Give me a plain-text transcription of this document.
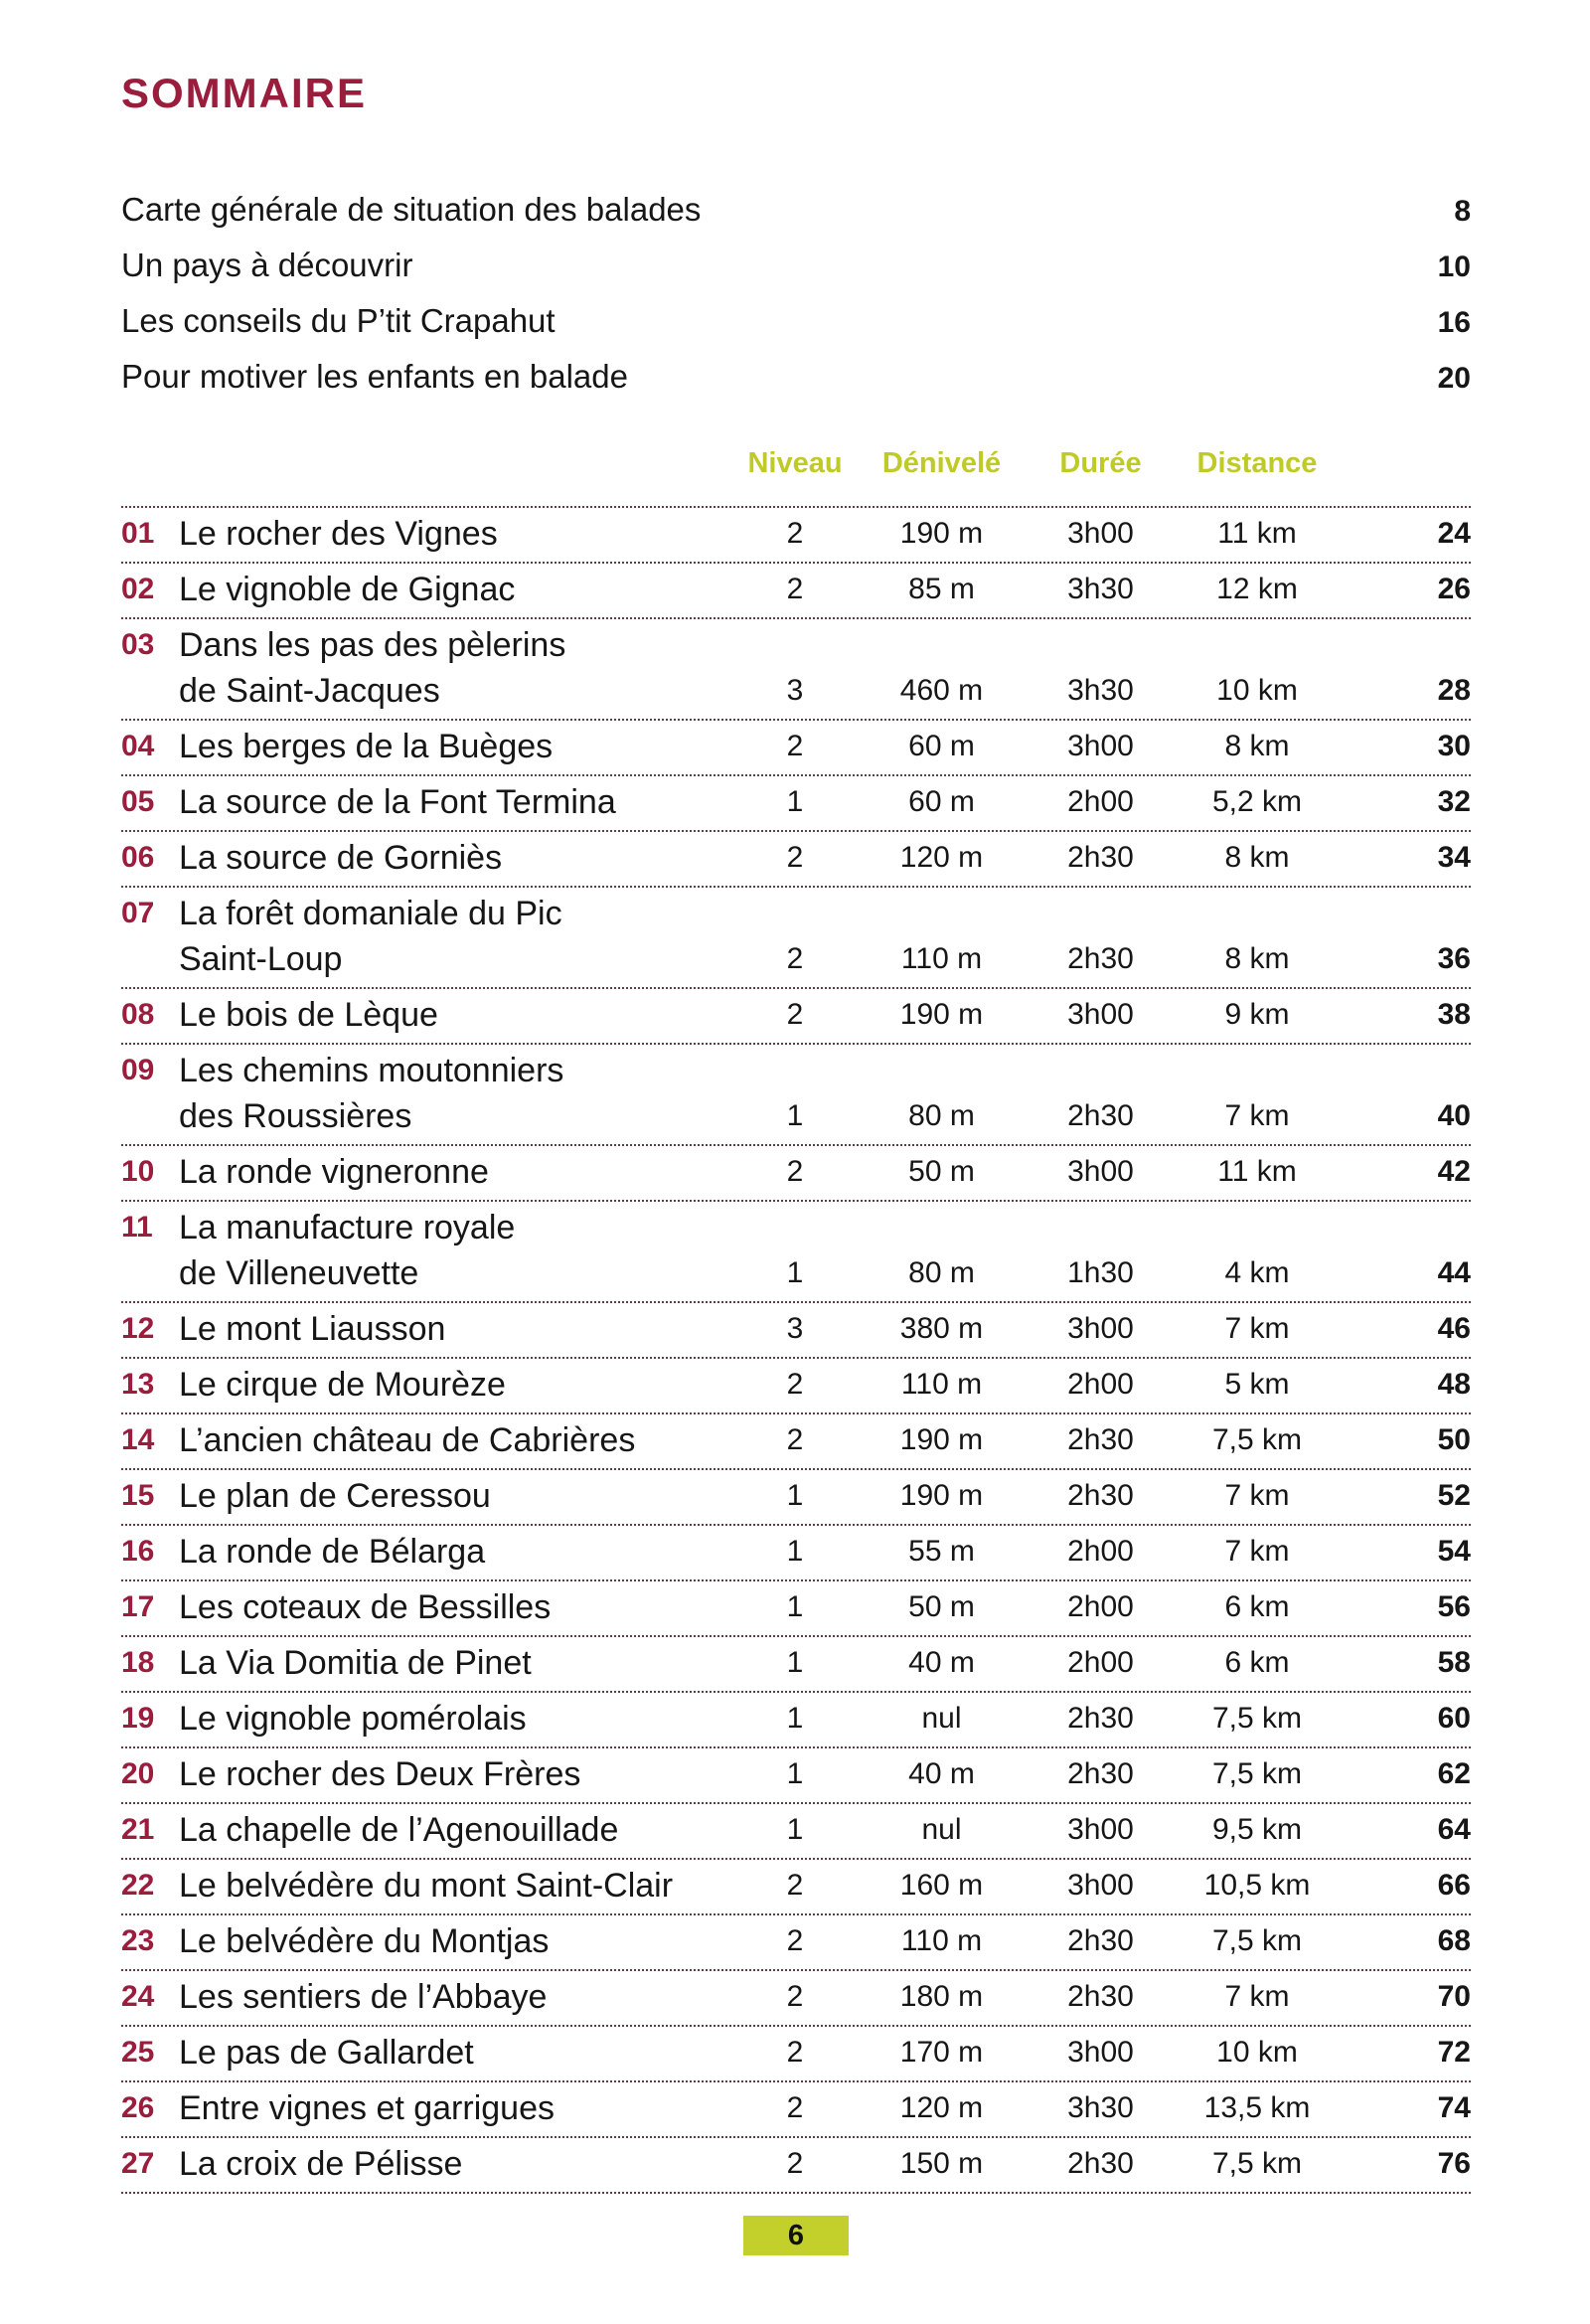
SOMMAIRE
Carte générale de situation des balades	8
Un pays à découvrir	10
Les conseils du P’tit Crapahut	16
Pour motiver les enfants en balade	20
Niveau	Dénivelé	Durée	Distance
01 Le rocher des Vignes	2	190 m	3h00	11 km	24
02 Le vignoble de Gignac	2	85 m	3h30	12 km	26
03 Dans les pas des pèlerins
de Saint-Jacques	3	460 m	3h30	10 km	28
04 Les berges de la Buèges	2	60 m	3h00	8 km	30
05 La source de la Font Termina	1	60 m	2h00	5,2 km	32
06 La source de Gorniès	2	120 m	2h30	8 km	34
07 La forêt domaniale du Pic
Saint-Loup	2	110 m	2h30	8 km	36
08 Le bois de Lèque	2	190 m	3h00	9 km	38
09 Les chemins moutonniers
des Roussières	1	80 m	2h30	7 km	40
10 La ronde vigneronne	2	50 m	3h00	11 km	42
11 La manufacture royale
de Villeneuvette	1	80 m	1h30	4 km	44
12 Le mont Liausson	3	380 m	3h00	7 km	46
13 Le cirque de Mourèze	2	110 m	2h00	5 km	48
14 L’ancien château de Cabrières	2	190 m	2h30	7,5 km	50
15 Le plan de Ceressou	1	190 m	2h30	7 km	52
16 La ronde de Bélarga	1	55 m	2h00	7 km	54
17 Les coteaux de Bessilles	1	50 m	2h00	6 km	56
18 La Via Domitia de Pinet	1	40 m	2h00	6 km	58
19 Le vignoble pomérolais	1	nul	2h30	7,5 km	60
20 Le rocher des Deux Frères	1	40 m	2h30	7,5 km	62
21 La chapelle de l’Agenouillade	1	nul	3h00	9,5 km	64
22 Le belvédère du mont Saint-Clair	2	160 m	3h00	10,5 km	66
23 Le belvédère du Montjas	2	110 m	2h30	7,5 km	68
24 Les sentiers de l’Abbaye	2	180 m	2h30	7 km	70
25 Le pas de Gallardet	2	170 m	3h00	10 km	72
26 Entre vignes et garrigues	2	120 m	3h30	13,5 km	74
27 La croix de Pélisse	2	150 m	2h30	7,5 km	76
6
